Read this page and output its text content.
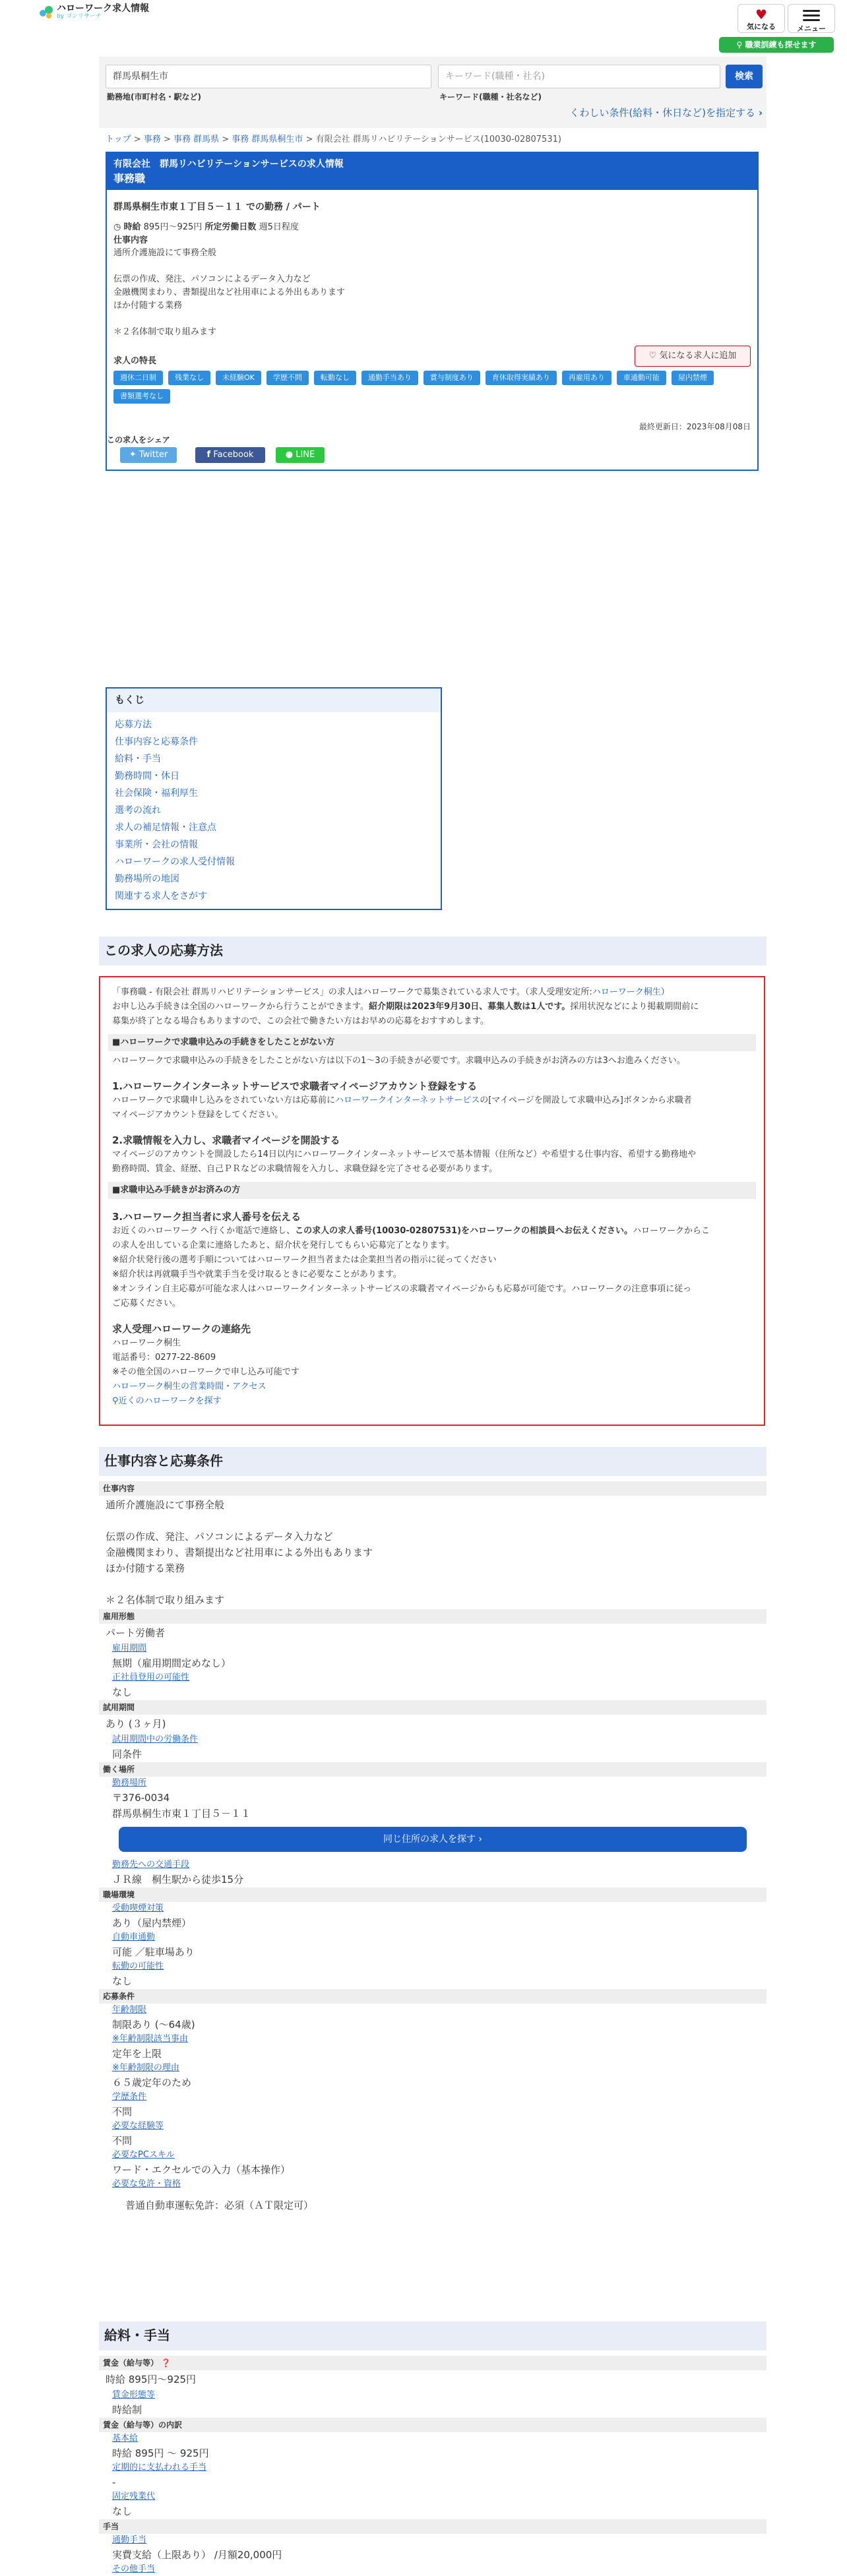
ハローワーク求人情報
by ゴンリサーチ	♥
気になる	メニュー
⚲ 職業訓練も探せます
群馬県桐生市	キーワード(職種・社名)	検索
勤務地(市町村名・駅など)	キーワード(職種・社名など)
くわしい条件(給料・休日など)を指定する ›
トップ > 事務 > 事務 群馬県 > 事務 群馬県桐生市 > 有限会社 群馬リハビリテーションサービス(10030-02807531)
有限会社　群馬リハビリテーションサービスの求人情報
事務職
群馬県桐生市東１丁目５－１１ での勤務 / パート
◷ 時給 895円〜925円 所定労働日数 週5日程度
仕事内容
通所介護施設にて事務全般
伝票の作成、発注、パソコンによるデータ入力など
金融機関まわり、書類提出など社用車による外出もあります
ほか付随する業務
＊２名体制で取り組みます
求人の特長
週休二日制	残業なし	未経験OK	学歴不問	転勤なし	通勤手当あり	賞与制度あり	育休取得実績あり	再雇用あり	車通勤可能	屋内禁煙
書類選考なし
♡ 気になる求人に追加
最終更新日：2023年08月08日
この求人をシェア
✦ Twitter	f Facebook	● LINE
もくじ
応募方法
仕事内容と応募条件
給料・手当
勤務時間・休日
社会保険・福利厚生
選考の流れ
求人の補足情報・注意点
事業所・会社の情報
ハローワークの求人受付情報
勤務場所の地図
関連する求人をさがす
この求人の応募方法

「事務職 - 有限会社 群馬リハビリテーションサービス」の求人はハローワークで募集されている求人です。（求人受理安定所:ハローワーク桐生）

お申し込み手続きは全国のハローワークから行うことができます。紹介期限は2023年9月30日、募集人数は1人です。採用状況などにより掲載期間前に

募集が終了となる場合もありますので、この会社で働きたい方はお早めの応募をおすすめします。

■ハローワークで求職申込みの手続きをしたことがない方

ハローワークで求職申込みの手続きをしたことがない方は以下の1〜3の手続きが必要です。求職申込みの手続きがお済みの方は3へお進みください。

1.ハローワークインターネットサービスで求職者マイページアカウント登録をする

ハローワークで求職申し込みをされていない方は応募前にハローワークインターネットサービスの[マイページを開設して求職申込み]ボタンから求職者

マイページアカウント登録をしてください。

2.求職情報を入力し、求職者マイページを開設する

マイページのアカウントを開設したら14日以内にハローワークインターネットサービスで基本情報（住所など）や希望する仕事内容、希望する勤務地や

勤務時間、賃金、経歴、自己ＰＲなどの求職情報を入力し、求職登録を完了させる必要があります。

■求職申込み手続きがお済みの方

3.ハローワーク担当者に求人番号を伝える

お近くのハローワーク へ行くか電話で連絡し、この求人の求人番号(10030-02807531)をハローワークの相談員へお伝えください。ハローワークからこ

の求人を出している企業に連絡したあと、紹介状を発行してもらい応募完了となります。

※紹介状発行後の選考手順についてはハローワーク担当者または企業担当者の指示に従ってください

※紹介状は再就職手当や就業手当を受け取るときに必要なことがあります。

※オンライン自主応募が可能な求人はハローワークインターネットサービスの求職者マイページからも応募が可能です。ハローワークの注意事項に従っ

ご応募ください。

求人受理ハローワークの連絡先

ハローワーク桐生

電話番号：0277-22-8609

※その他全国のハローワークで申し込み可能です

ハローワーク桐生の営業時間・アクセス

⚲近くのハローワークを探す

仕事内容と応募条件
仕事内容
通所介護施設にて事務全般
伝票の作成、発注、パソコンによるデータ入力など
金融機関まわり、書類提出など社用車による外出もあります
ほか付随する業務
＊２名体制で取り組みます
雇用形態
パート労働者
雇用期間
無期（雇用期間定めなし）
正社員登用の可能性
なし
試用期間
あり (３ヶ月)
試用期間中の労働条件
同条件
働く場所
勤務場所
〒376-0034
群馬県桐生市東１丁目５－１１
同じ住所の求人を探す ›
勤務先への交通手段
ＪＲ線　桐生駅から徒歩15分
職場環境
受動喫煙対策
あり（屋内禁煙）
自動車通勤
可能 ／駐車場あり
転勤の可能性
なし
応募条件
年齢制限
制限あり (〜64歳)
※年齢制限該当事由
定年を上限
※年齢制限の理由
６５歳定年のため
学歴条件
不問
必要な経験等
不問
必要なPCスキル
ワード・エクセルでの入力（基本操作）
必要な免許・資格
普通自動車運転免許：必須（ＡＴ限定可）
給料・手当
賃金（給与等） ❓
時給 895円〜925円
賃金形態等
時給制
賃金（給与等）の内訳
基本給
時給 895円 〜 925円
定期的に支払われる手当
-
固定残業代
なし
手当
通勤手当
実費支給（上限あり） /月額20,000円
その他手当
